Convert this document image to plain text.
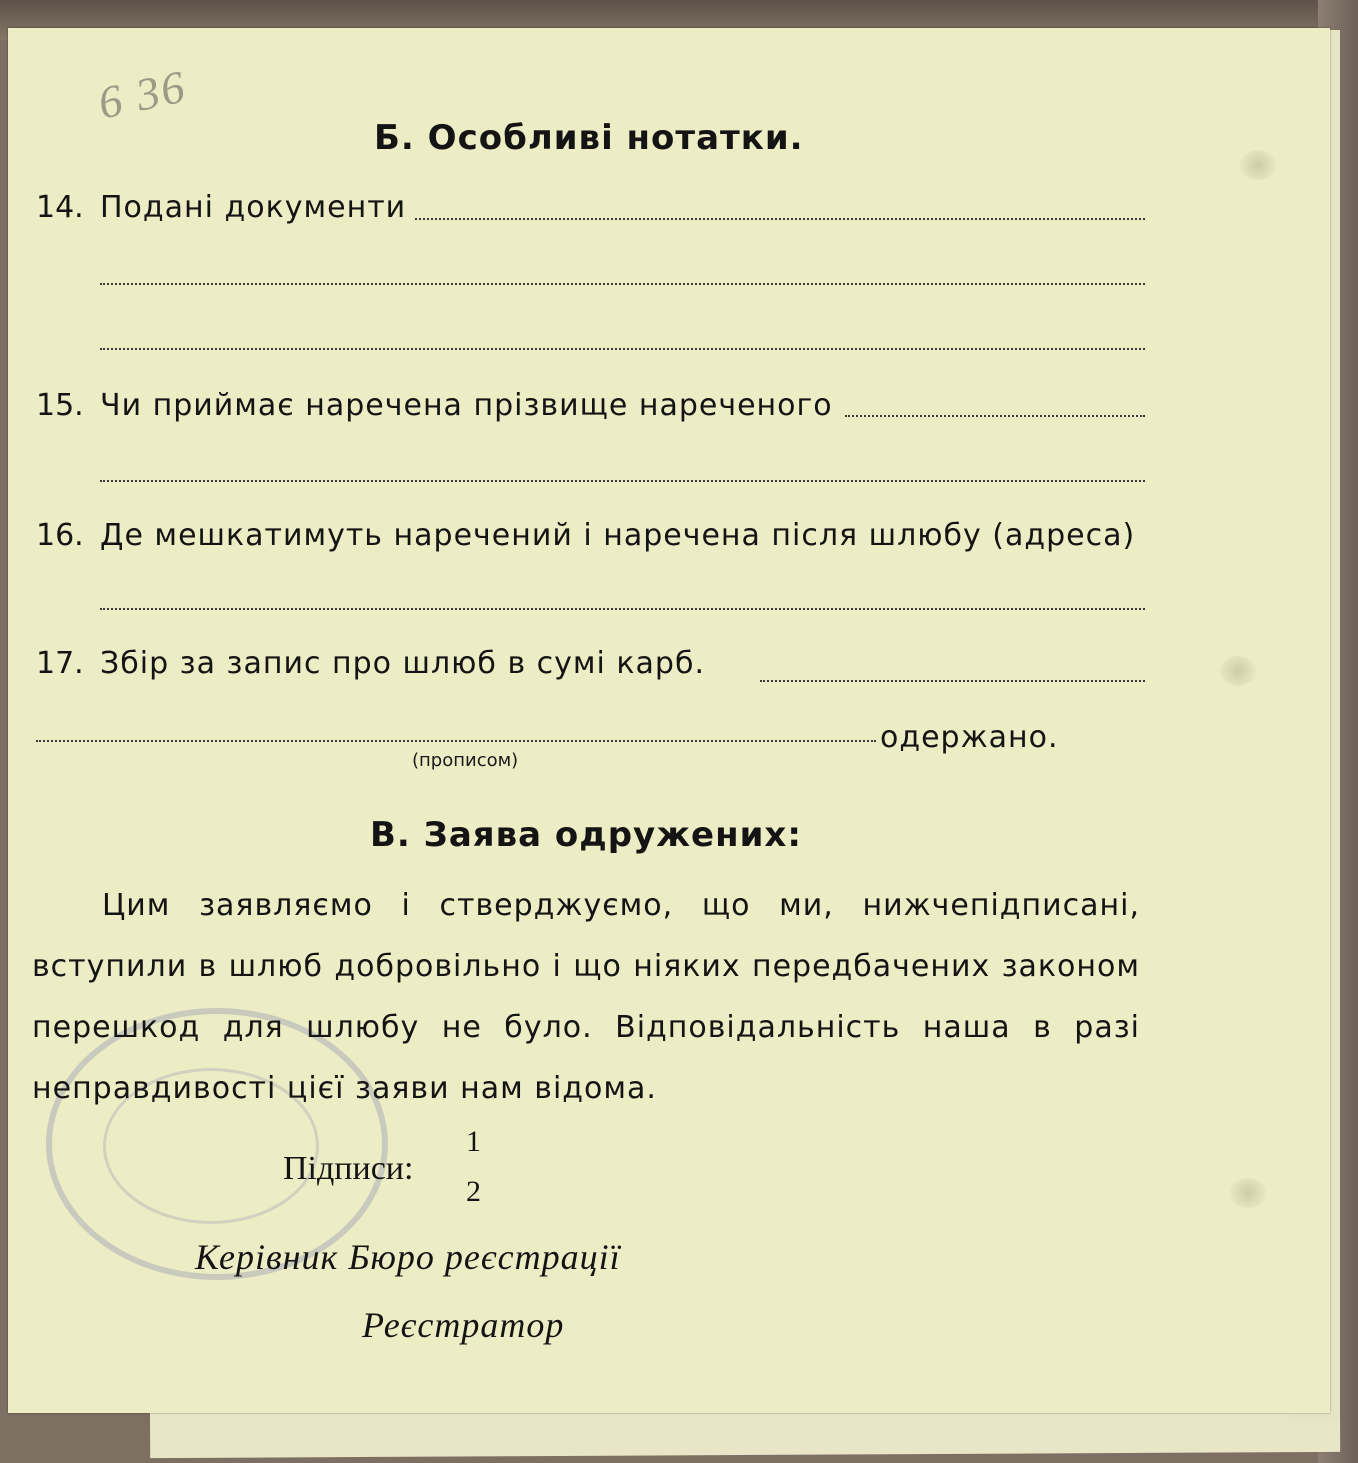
6 36
Б. Особливі нотатки.
14. Подані документи
15. Чи приймає наречена прізвище нареченого
16. Де мешкатимуть наречений і наречена після шлюбу (адреса)
17. Збір за запис про шлюб в сумі карб.
одержано.
(прописом)
В. Заява одружених:
Цим заявляємо і стверджуємо, що ми, нижчепідписані, вступили в шлюб добровільно і що ніяких передбачених законом перешкод для шлюбу не було. Відповідальність наша в разі неправдивості цієї заяви нам відома.
Підписи:
1
2
Керівник Бюро реєстрації
Реєстратор
